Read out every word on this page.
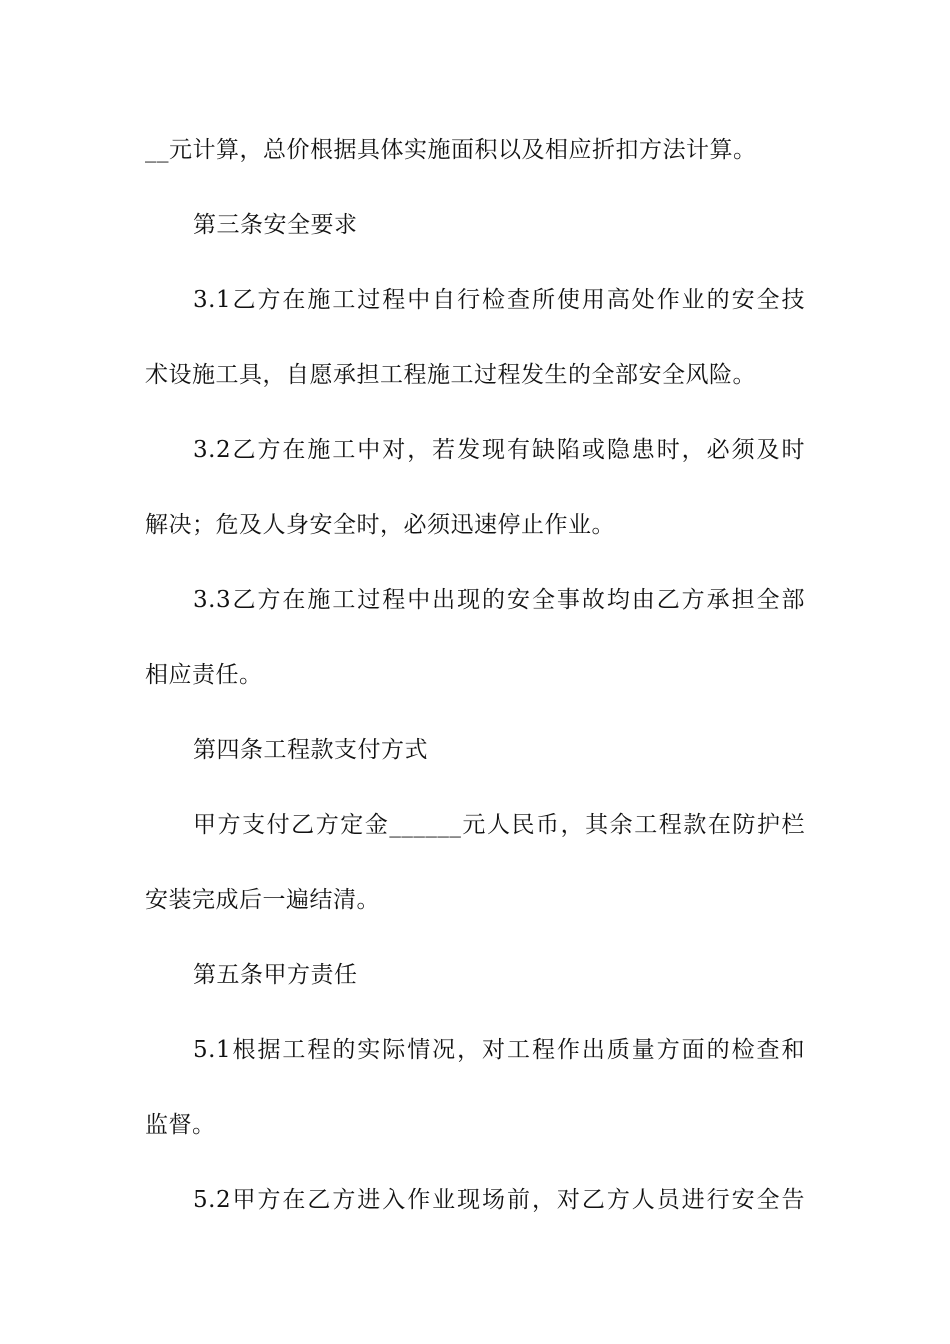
__元计算，总价根据具体实施面积以及相应折扣方法计算。
第三条安全要求
3.1乙方在施工过程中自行检查所使用高处作业的安全技
术设施工具，自愿承担工程施工过程发生的全部安全风险。
3.2乙方在施工中对，若发现有缺陷或隐患时，必须及时
解决；危及人身安全时，必须迅速停止作业。
3.3乙方在施工过程中出现的安全事故均由乙方承担全部
相应责任。
第四条工程款支付方式
甲方支付乙方定金______元人民币，其余工程款在防护栏
安装完成后一遍结清。
第五条甲方责任
5.1根据工程的实际情况，对工程作出质量方面的检查和
监督。
5.2甲方在乙方进入作业现场前，对乙方人员进行安全告
